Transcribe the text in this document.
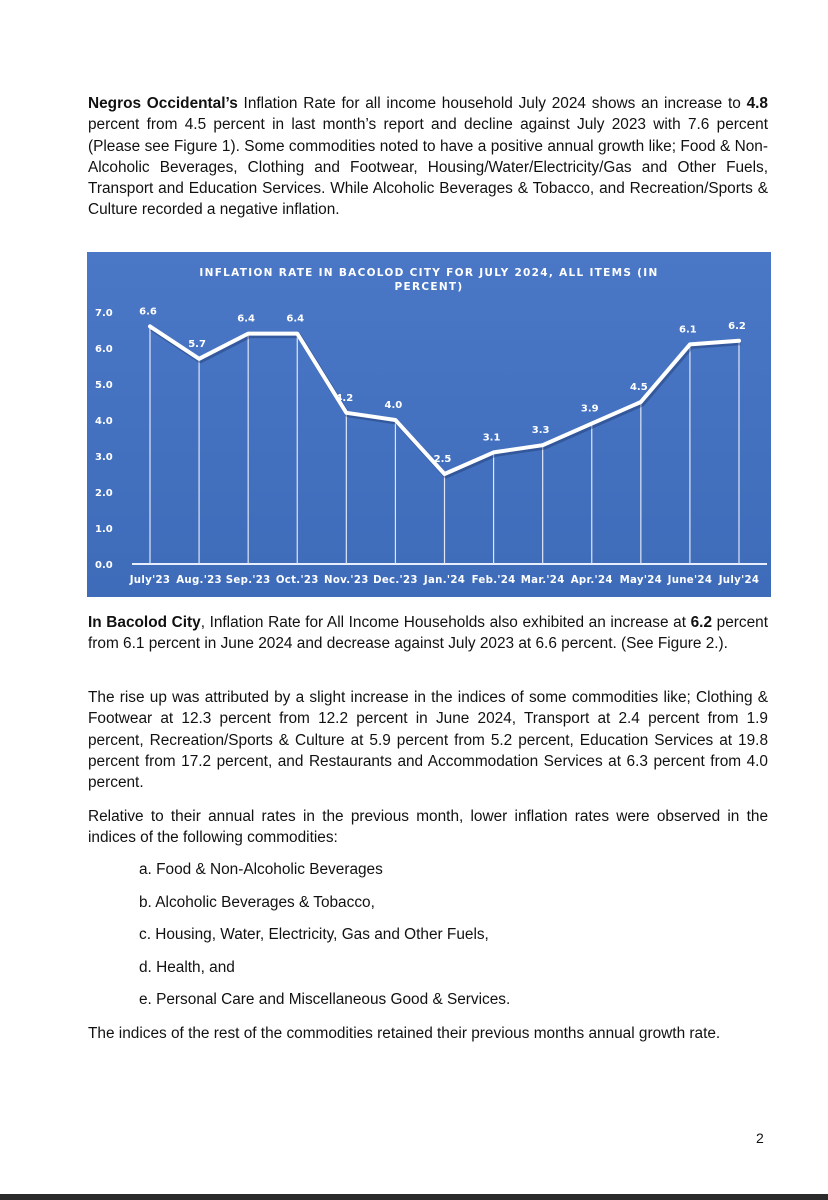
Negros Occidental’s Inflation Rate for all income household July 2024 shows an increase to 4.8 percent from 4.5 percent in last month’s report and decline against July 2023 with 7.6 percent (Please see Figure 1). Some commodities noted to have a positive annual growth like; Food & Non-Alcoholic Beverages, Clothing and Footwear, Housing/Water/Electricity/Gas and Other Fuels, Transport and Education Services. While Alcoholic Beverages & Tobacco, and Recreation/Sports & Culture recorded a negative inflation.

INFLATION RATE IN BACOLOD CITY FOR JULY 2024, ALL ITEMS (IN
PERCENT)
0.0
1.0
2.0
3.0
4.0
5.0
6.0
7.0	6.6
5.7
6.4	6.4
4.2
4.0
2.5
3.1
3.3
3.9
4.5
6.1	6.2
July'23 Aug.'23 Sep.'23 Oct.'23 Nov.'23 Dec.'23 Jan.'24 Feb.'24 Mar.'24 Apr.'24 May'24 June'24 July'24

In Bacolod City, Inflation Rate for All Income Households also exhibited an increase at 6.2 percent from 6.1 percent in June 2024 and decrease against July 2023 at 6.6 percent. (See Figure 2.).

The rise up was attributed by a slight increase in the indices of some commodities like; Clothing & Footwear at 12.3 percent from 12.2 percent in June 2024, Transport at 2.4 percent from 1.9 percent, Recreation/Sports & Culture at 5.9 percent from 5.2 percent, Education Services at 19.8 percent from 17.2 percent, and Restaurants and Accommodation Services at 6.3 percent from 4.0 percent.

Relative to their annual rates in the previous month, lower inflation rates were observed in the indices of the following commodities:

a. Food & Non-Alcoholic Beverages
b. Alcoholic Beverages & Tobacco,
c. Housing, Water, Electricity, Gas and Other Fuels,
d. Health, and
e. Personal Care and Miscellaneous Good & Services.

The indices of the rest of the commodities retained their previous months annual growth rate.

2
